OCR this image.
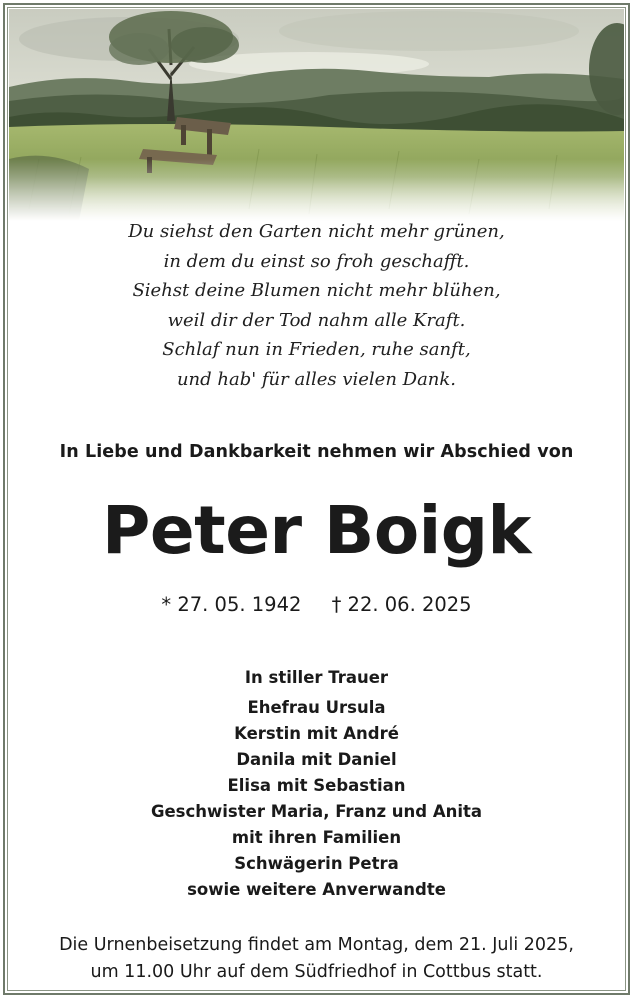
Du siehst den Garten nicht mehr grünen,
in dem du einst so froh geschafft.
Siehst deine Blumen nicht mehr blühen,
weil dir der Tod nahm alle Kraft.
Schlaf nun in Frieden, ruhe sanft,
und hab' für alles vielen Dank.
In Liebe und Dankbarkeit nehmen wir Abschied von
Peter Boigk
* 27. 05. 1942 † 22. 06. 2025
In stiller Trauer
Ehefrau Ursula
Kerstin mit André
Danila mit Daniel
Elisa mit Sebastian
Geschwister Maria, Franz und Anita
mit ihren Familien
Schwägerin Petra
sowie weitere Anverwandte
Die Urnenbeisetzung findet am Montag, dem 21. Juli 2025,
um 11.00 Uhr auf dem Südfriedhof in Cottbus statt.
